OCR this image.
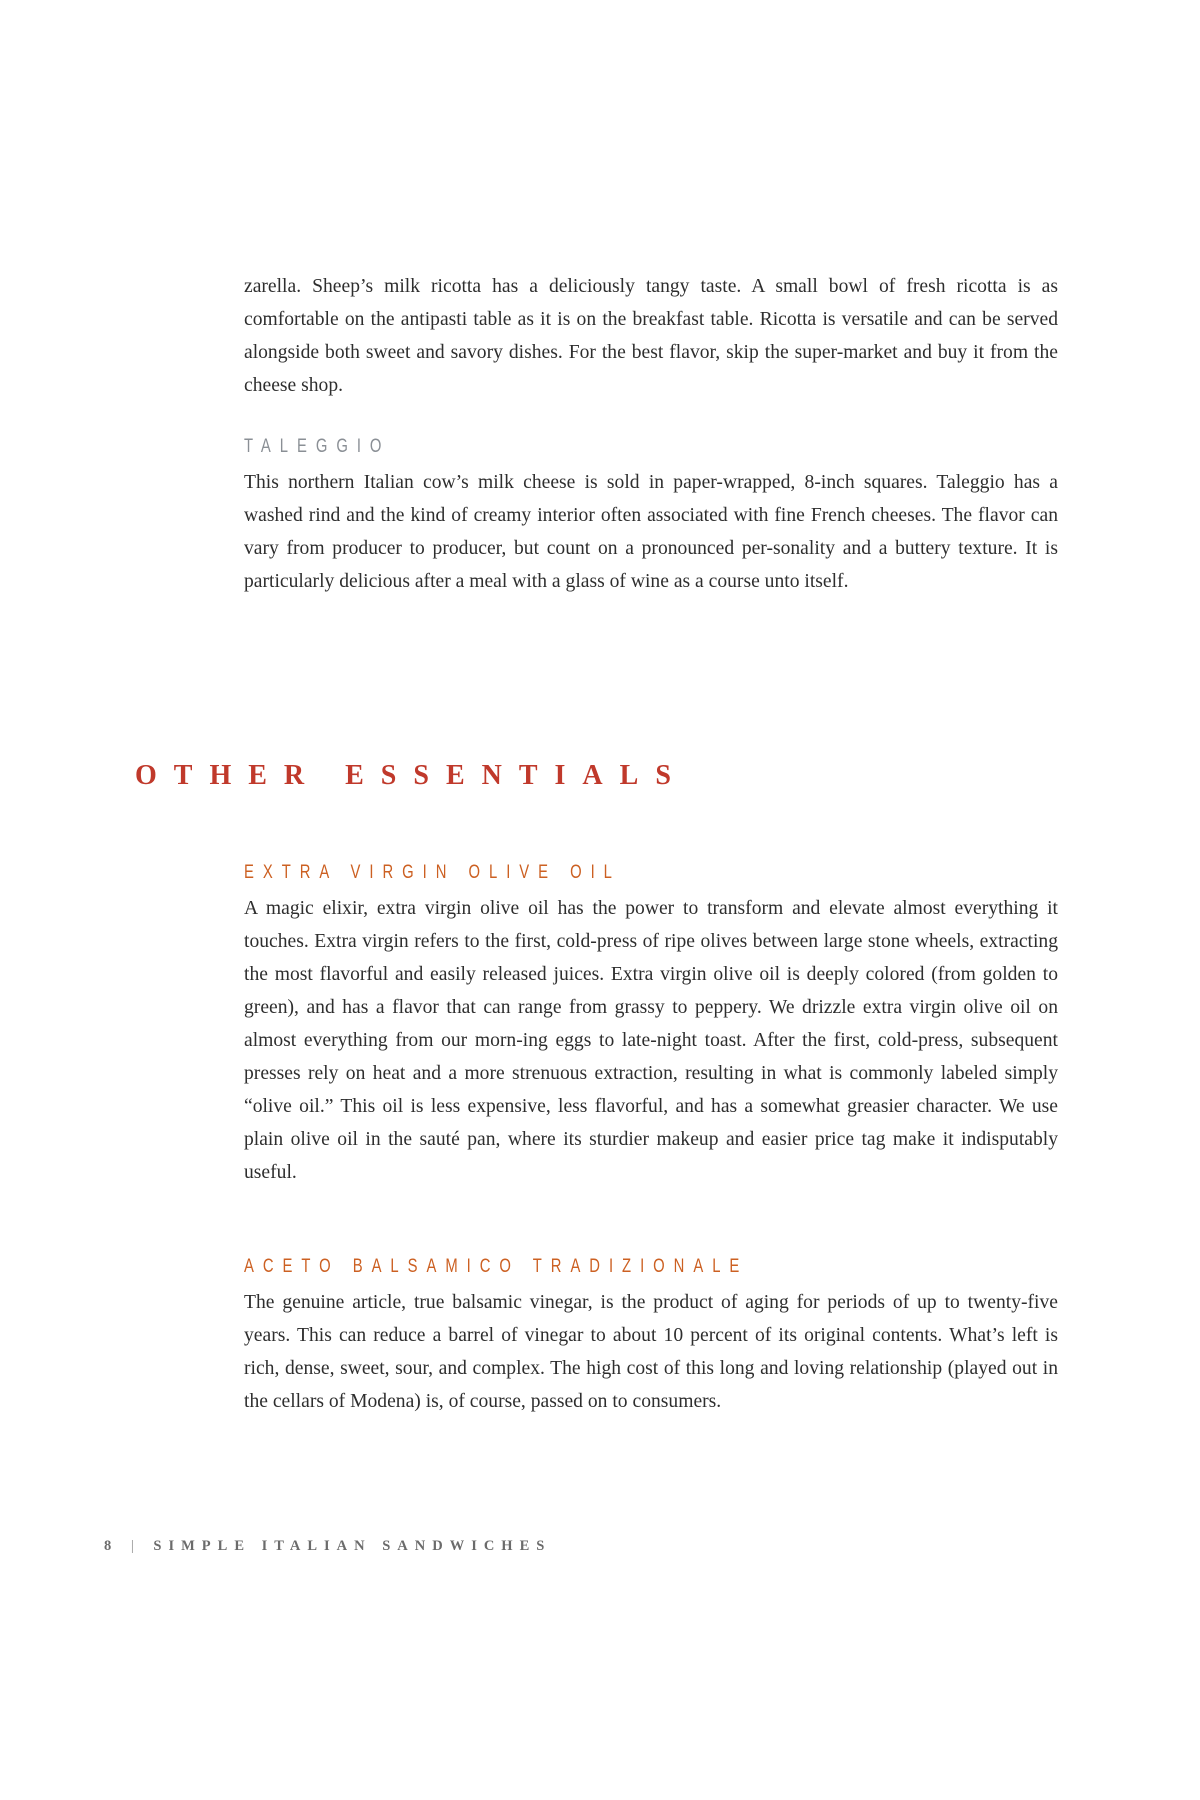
zarella. Sheep’s milk ricotta has a deliciously tangy taste. A small bowl of fresh ricotta is as comfortable on the antipasti table as it is on the breakfast table. Ricotta is versatile and can be served alongside both sweet and savory dishes. For the best flavor, skip the super-market and buy it from the cheese shop.

TALEGGIO

This northern Italian cow’s milk cheese is sold in paper-wrapped, 8-inch squares. Taleggio has a washed rind and the kind of creamy interior often associated with fine French cheeses. The flavor can vary from producer to producer, but count on a pronounced per-sonality and a buttery texture. It is particularly delicious after a meal with a glass of wine as a course unto itself.

OTHER ESSENTIALS

EXTRA VIRGIN OLIVE OIL

A magic elixir, extra virgin olive oil has the power to transform and elevate almost everything it touches. Extra virgin refers to the first, cold-press of ripe olives between large stone wheels, extracting the most flavorful and easily released juices. Extra virgin olive oil is deeply colored (from golden to green), and has a flavor that can range from grassy to peppery. We drizzle extra virgin olive oil on almost everything from our morn-ing eggs to late-night toast. After the first, cold-press, subsequent presses rely on heat and a more strenuous extraction, resulting in what is commonly labeled simply “olive oil.” This oil is less expensive, less flavorful, and has a somewhat greasier character. We use plain olive oil in the sauté pan, where its sturdier makeup and easier price tag make it indisputably useful.

ACETO BALSAMICO TRADIZIONALE

The genuine article, true balsamic vinegar, is the product of aging for periods of up to twenty-five years. This can reduce a barrel of vinegar to about 10 percent of its original contents. What’s left is rich, dense, sweet, sour, and complex. The high cost of this long and loving relationship (played out in the cellars of Modena) is, of course, passed on to consumers.

8 | SIMPLE ITALIAN SANDWICHES
